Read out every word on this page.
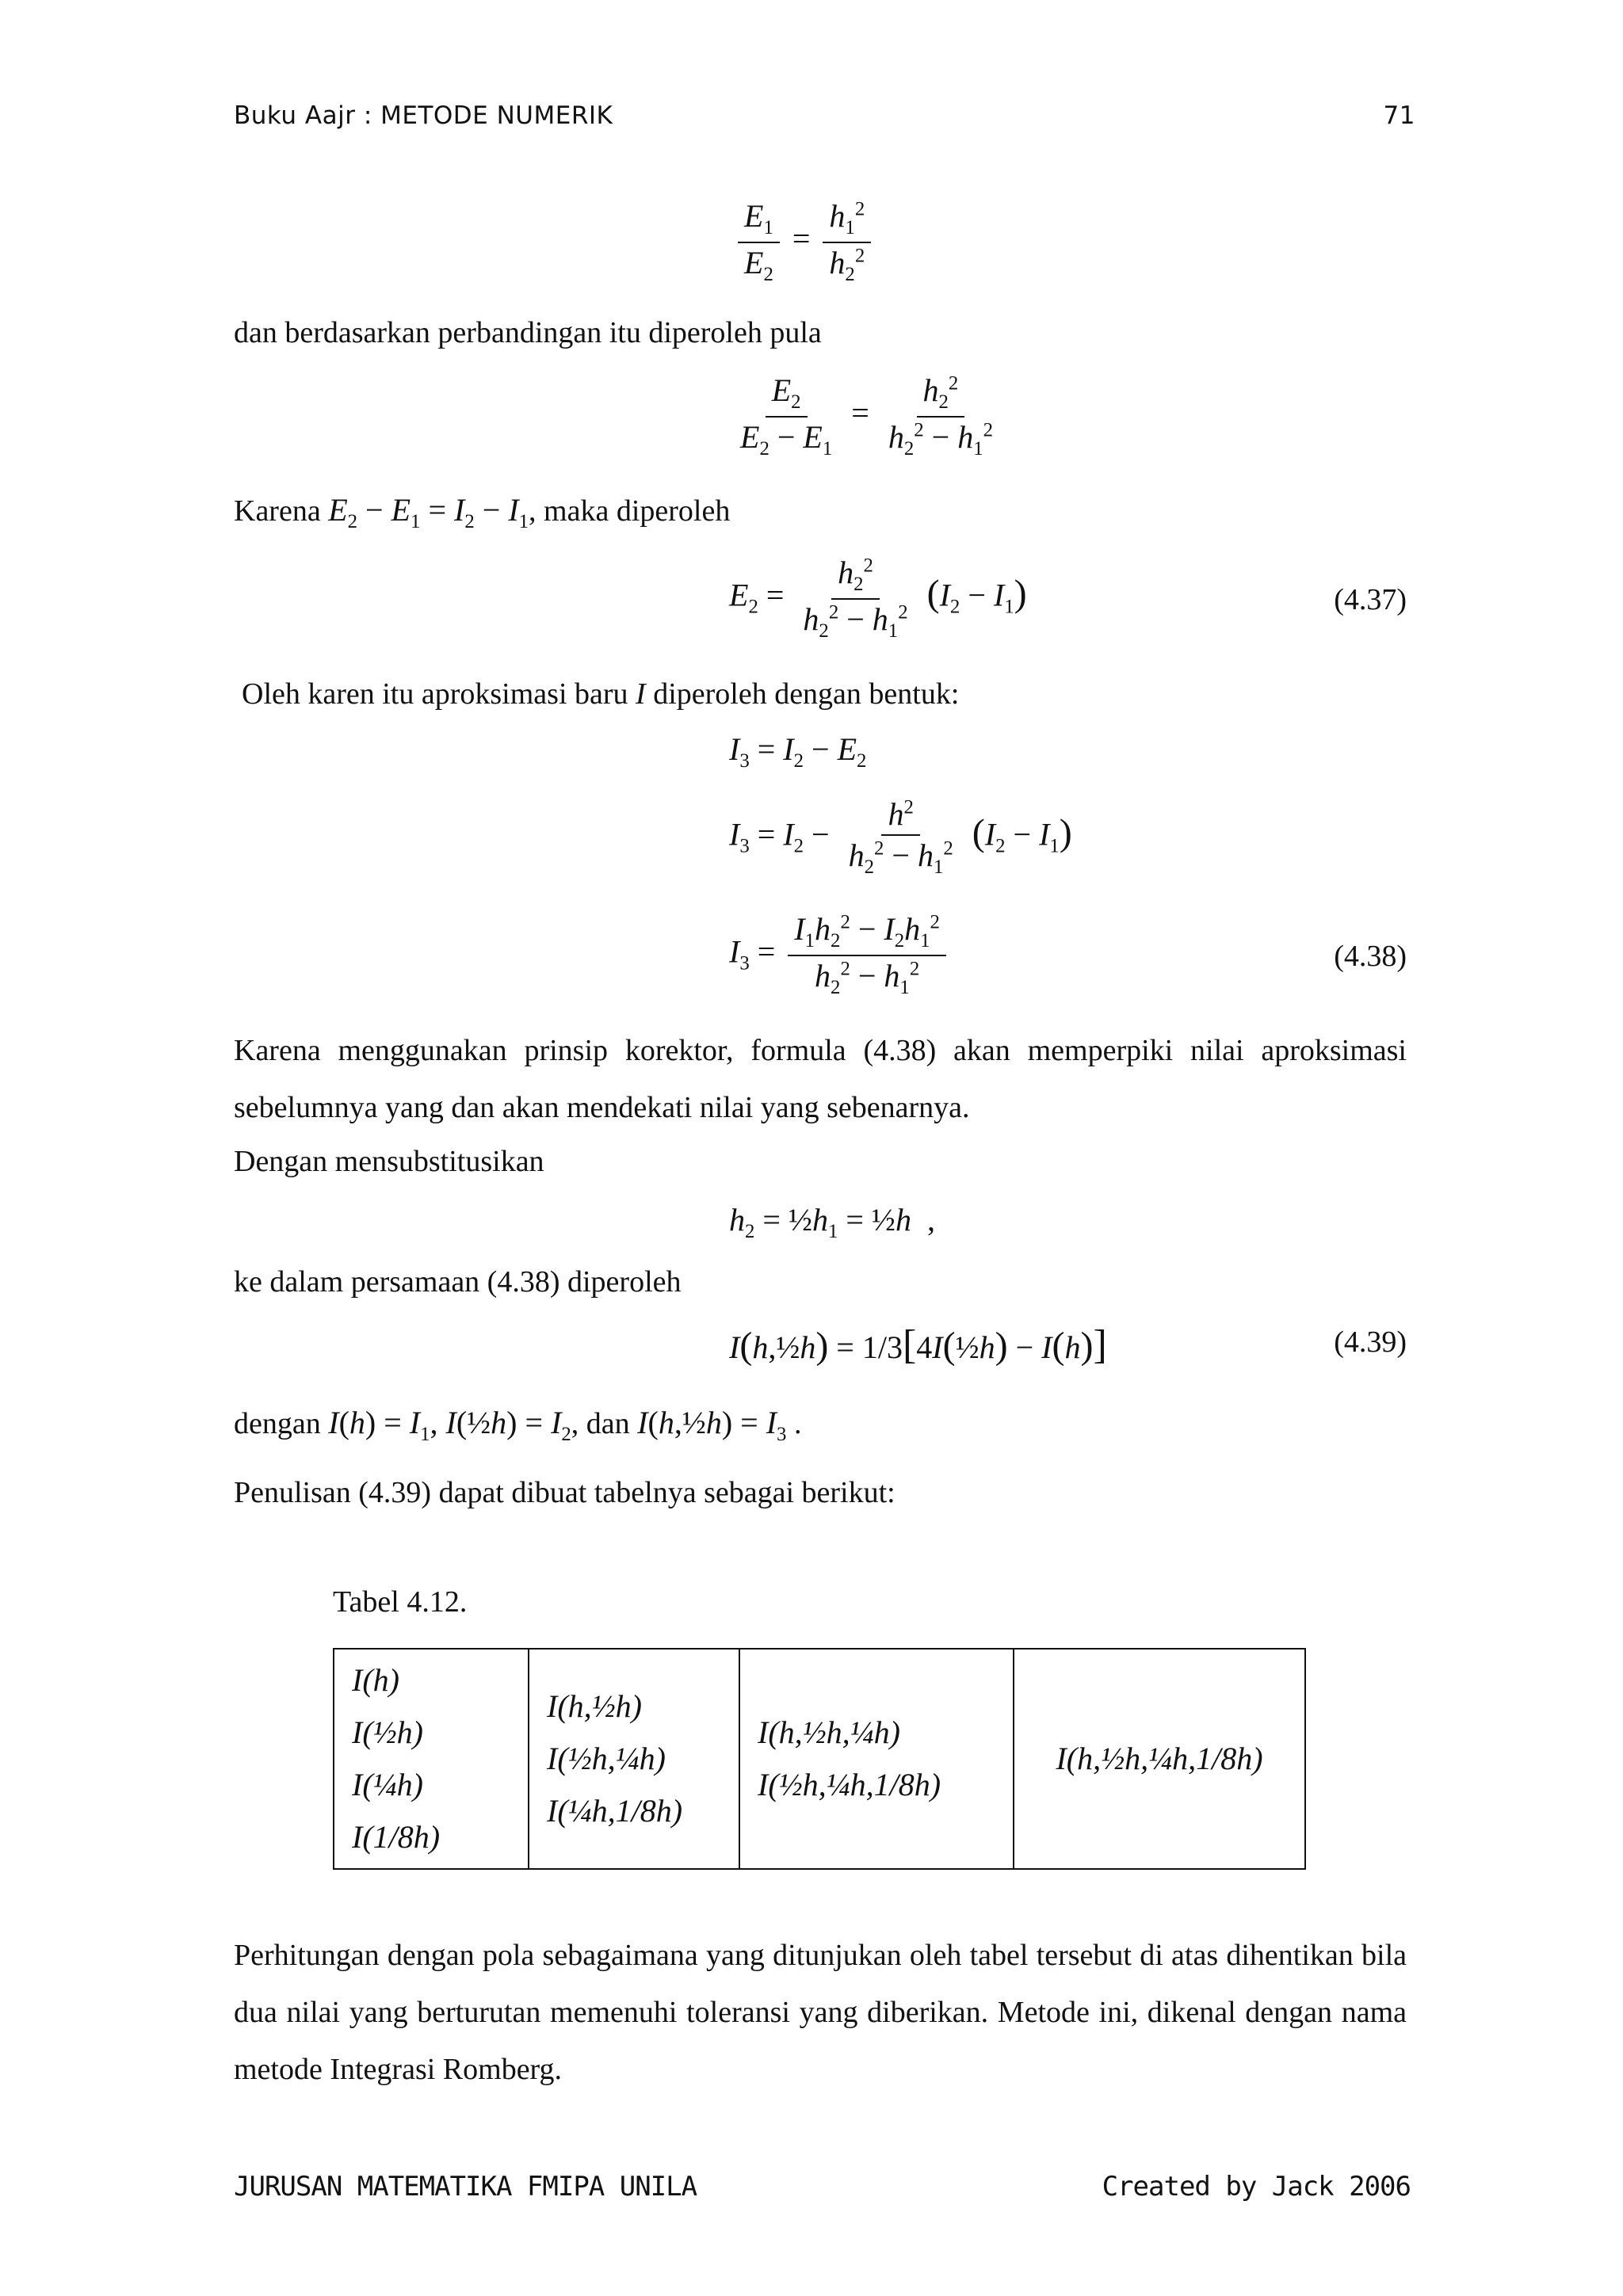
Buku Aajr : METODE NUMERIK	71
$\frac{E_1}{E_2} = \frac{h_1^2}{h_2^2}$
dan berdasarkan perbandingan itu diperoleh pula
$\frac{E_2}{E_2 - E_1} = \frac{h_2^2}{h_2^2 - h_1^2}$
Karena $E_2 - E_1 = I_2 - I_1$, maka diperoleh
$E_2 = \frac{h_2^2}{h_2^2 - h_1^2} (I_2 - I_1)$	(4.37)
Oleh karen itu aproksimasi baru I diperoleh dengan bentuk:
$I_3 = I_2 - E_2$
$I_3 = I_2 - \frac{h^2}{h_2^2 - h_1^2} (I_2 - I_1)$
$I_3 = \frac{I_1h_2^2 - I_2h_1^2}{h_2^2 - h_1^2}$	(4.38)
Karena menggunakan prinsip korektor, formula (4.38) akan memperpiki nilai aproksimasi sebelumnya yang dan akan mendekati nilai yang sebenarnya.
Dengan mensubstitusikan
$h_2$ = $\frac{1}{2}h_1$ = ½h  ,
ke dalam persamaan (4.38) diperoleh
I(h,½h) = 1/3[4I(½h) − I(h)]	(4.39)
dengan $I(h) = I_1$, I(½h) = $I_2$, dan I(h,½h) = $I_3$ .
Penulisan (4.39) dapat dibuat tabelnya sebagai berikut:
Tabel 4.12.
I(h)
I(½h)
I(¼h)
I(1/8h)

I(h,½h)
I(½h,¼h)
I(¼h,1/8h)

I(h,½h,¼h)
I(½h,¼h,1/8h)

I(h,½h,¼h,1/8h)
Perhitungan dengan pola sebagaimana yang ditunjukan oleh tabel tersebut di atas dihentikan bila dua nilai yang berturutan memenuhi toleransi yang diberikan. Metode ini, dikenal dengan nama metode Integrasi Romberg.
JURUSAN MATEMATIKA FMIPA UNILA	Created by Jack 2006
